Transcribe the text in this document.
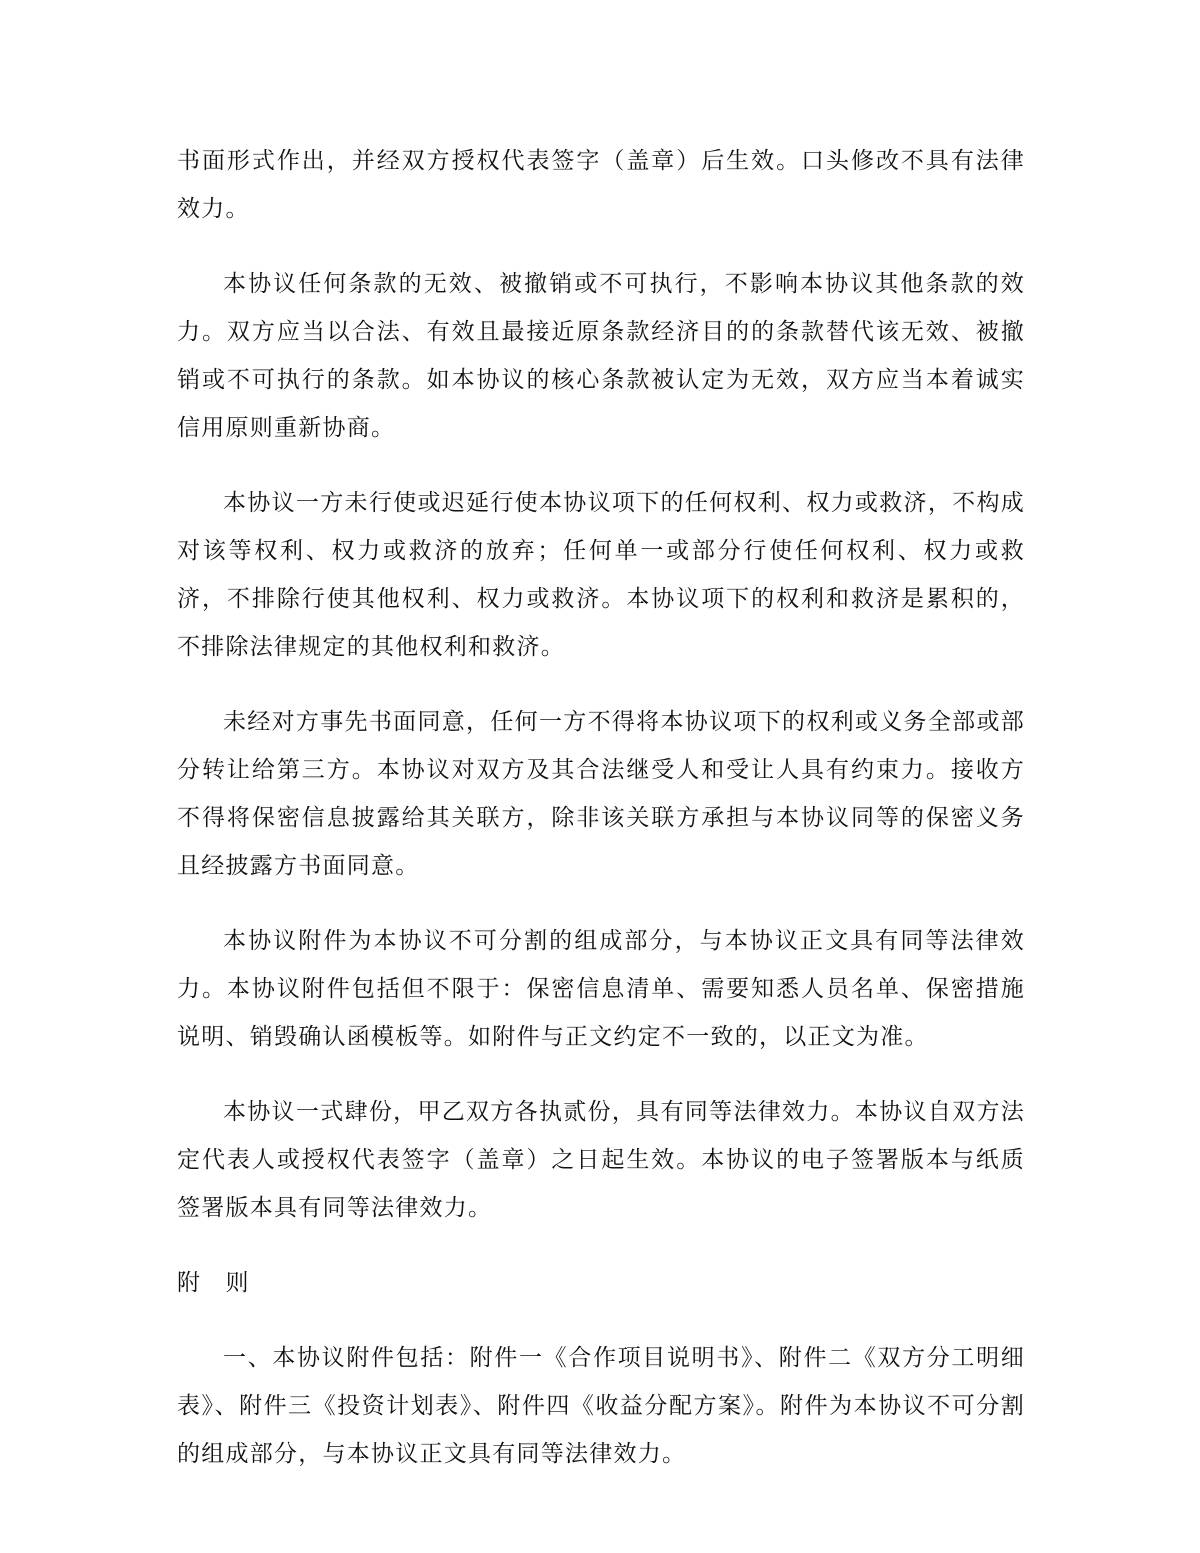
书面形式作出，并经双方授权代表签字（盖章）后生效。口头修改不具有法律效力。

本协议任何条款的无效、被撤销或不可执行，不影响本协议其他条款的效力。双方应当以合法、有效且最接近原条款经济目的的条款替代该无效、被撤销或不可执行的条款。如本协议的核心条款被认定为无效，双方应当本着诚实信用原则重新协商。

本协议一方未行使或迟延行使本协议项下的任何权利、权力或救济，不构成对该等权利、权力或救济的放弃；任何单一或部分行使任何权利、权力或救济，不排除行使其他权利、权力或救济。本协议项下的权利和救济是累积的，不排除法律规定的其他权利和救济。

未经对方事先书面同意，任何一方不得将本协议项下的权利或义务全部或部分转让给第三方。本协议对双方及其合法继受人和受让人具有约束力。接收方不得将保密信息披露给其关联方，除非该关联方承担与本协议同等的保密义务且经披露方书面同意。

本协议附件为本协议不可分割的组成部分，与本协议正文具有同等法律效力。本协议附件包括但不限于：保密信息清单、需要知悉人员名单、保密措施说明、销毁确认函模板等。如附件与正文约定不一致的，以正文为准。

本协议一式肆份，甲乙双方各执贰份，具有同等法律效力。本协议自双方法定代表人或授权代表签字（盖章）之日起生效。本协议的电子签署版本与纸质签署版本具有同等法律效力。

附　则

一、本协议附件包括：附件一《合作项目说明书》、附件二《双方分工明细表》、附件三《投资计划表》、附件四《收益分配方案》。附件为本协议不可分割的组成部分，与本协议正文具有同等法律效力。
